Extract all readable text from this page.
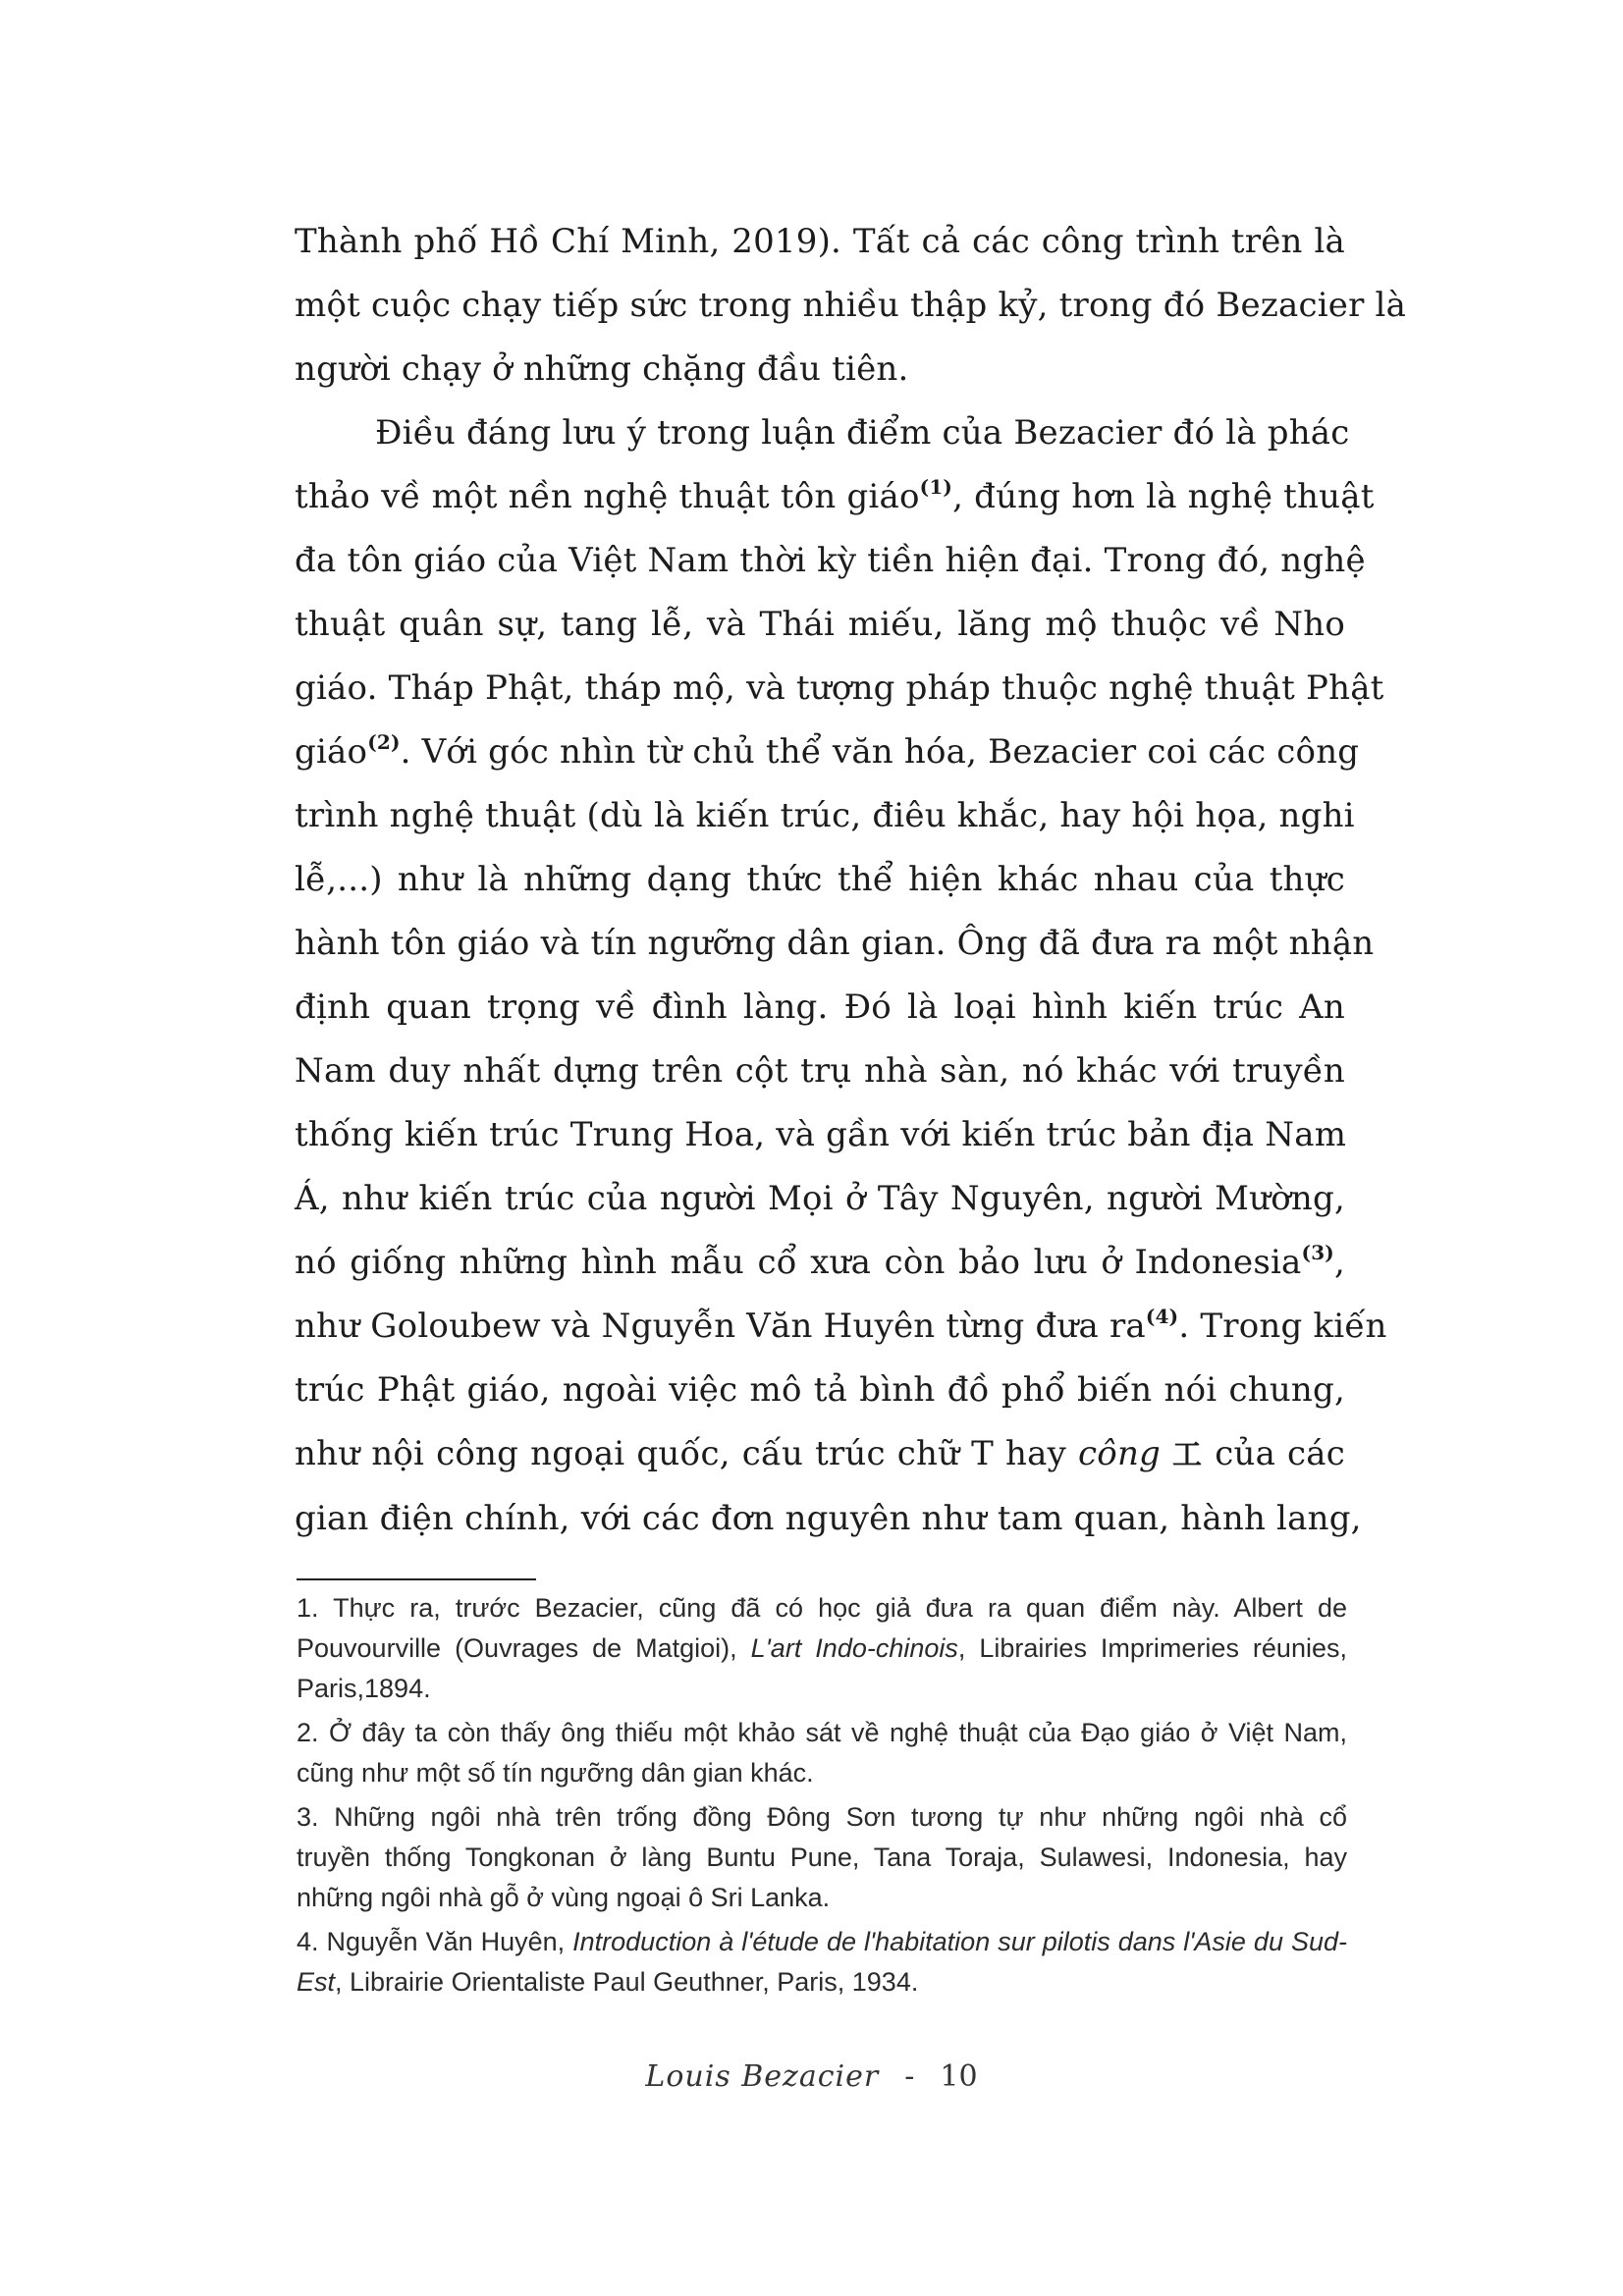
Thành phố Hồ Chí Minh, 2019). Tất cả các công trình trên là
một cuộc chạy tiếp sức trong nhiều thập kỷ, trong đó Bezacier là
người chạy ở những chặng đầu tiên.

Điều đáng lưu ý trong luận điểm của Bezacier đó là phác
thảo về một nền nghệ thuật tôn giáo$^{(1)}$, đúng hơn là nghệ thuật
đa tôn giáo của Việt Nam thời kỳ tiền hiện đại. Trong đó, nghệ
thuật quân sự, tang lễ, và Thái miếu, lăng mộ thuộc về Nho
giáo. Tháp Phật, tháp mộ, và tượng pháp thuộc nghệ thuật Phật
giáo$^{(2)}$. Với góc nhìn từ chủ thể văn hóa, Bezacier coi các công
trình nghệ thuật (dù là kiến trúc, điêu khắc, hay hội họa, nghi
lễ,...) như là những dạng thức thể hiện khác nhau của thực
hành tôn giáo và tín ngưỡng dân gian. Ông đã đưa ra một nhận
định quan trọng về đình làng. Đó là loại hình kiến trúc An
Nam duy nhất dựng trên cột trụ nhà sàn, nó khác với truyền
thống kiến trúc Trung Hoa, và gần với kiến trúc bản địa Nam
Á, như kiến trúc của người Mọi ở Tây Nguyên, người Mường,
nó giống những hình mẫu cổ xưa còn bảo lưu ở Indonesia$^{(3)}$,
như Goloubew và Nguyễn Văn Huyên từng đưa ra$^{(4)}$. Trong kiến
trúc Phật giáo, ngoài việc mô tả bình đồ phổ biến nói chung,
như nội công ngoại quốc, cấu trúc chữ T hay công 工 của các
gian điện chính, với các đơn nguyên như tam quan, hành lang,

1. Thực ra, trước Bezacier, cũng đã có học giả đưa ra quan điểm này. Albert de
Pouvourville (Ouvrages de Matgioi), L'art Indo-chinois, Librairies Imprimeries réunies,
Paris,1894.
2. Ở đây ta còn thấy ông thiếu một khảo sát về nghệ thuật của Đạo giáo ở Việt Nam,
cũng như một số tín ngưỡng dân gian khác.
3. Những ngôi nhà trên trống đồng Đông Sơn tương tự như những ngôi nhà cổ
truyền thống Tongkonan ở làng Buntu Pune, Tana Toraja, Sulawesi, Indonesia, hay
những ngôi nhà gỗ ở vùng ngoại ô Sri Lanka.
4. Nguyễn Văn Huyên, Introduction à l'étude de l'habitation sur pilotis dans l'Asie du Sud-
Est, Librairie Orientaliste Paul Geuthner, Paris, 1934.
Louis Bezacier - 10
